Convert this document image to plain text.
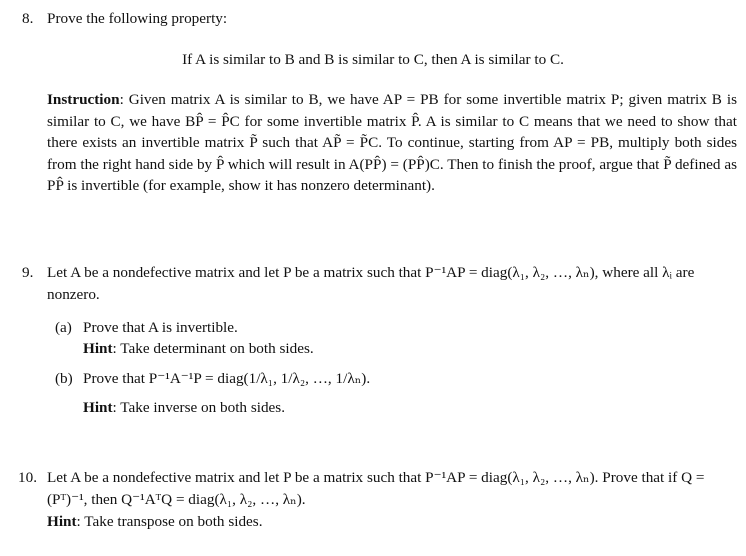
8. Prove the following property:
If A is similar to B and B is similar to C, then A is similar to C.
Instruction: Given matrix A is similar to B, we have AP = PB for some invertible matrix P; given matrix B is similar to C, we have BP̂ = P̂C for some invertible matrix P̂. A is similar to C means that we need to show that there exists an invertible matrix P̃ such that AP̃ = P̃C. To continue, starting from AP = PB, multiply both sides from the right hand side by P̂ which will result in A(PP̂) = (PP̂)C. Then to finish the proof, argue that P̃ defined as PP̂ is invertible (for example, show it has nonzero determinant).
9. Let A be a nondefective matrix and let P be a matrix such that P⁻¹AP = diag(λ₁, λ₂, …, λₙ), where all λᵢ are nonzero.
(a) Prove that A is invertible.
Hint: Take determinant on both sides.
(b) Prove that P⁻¹A⁻¹P = diag(1/λ₁, 1/λ₂, …, 1/λₙ).
Hint: Take inverse on both sides.
10. Let A be a nondefective matrix and let P be a matrix such that P⁻¹AP = diag(λ₁, λ₂, …, λₙ). Prove that if Q = (Pᵀ)⁻¹, then Q⁻¹AᵀQ = diag(λ₁, λ₂, …, λₙ).
Hint: Take transpose on both sides.
